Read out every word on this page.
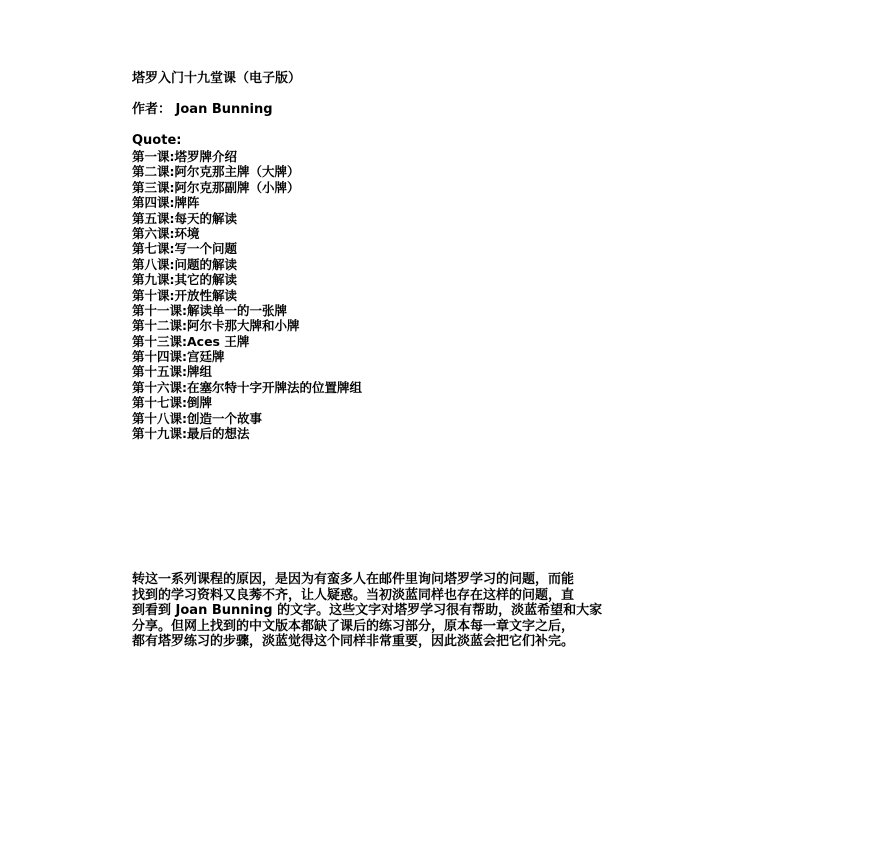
塔罗入门十九堂课（电子版）
作者： Joan Bunning
Quote:
第一课:塔罗牌介绍
第二课:阿尔克那主牌（大牌）
第三课:阿尔克那副牌（小牌）
第四课:牌阵
第五课:每天的解读
第六课:环境
第七课:写一个问题
第八课:问题的解读
第九课:其它的解读
第十课:开放性解读
第十一课:解读单一的一张牌
第十二课:阿尔卡那大牌和小牌
第十三课:Aces 王牌
第十四课:宫廷牌
第十五课:牌组
第十六课:在塞尔特十字开牌法的位置牌组
第十七课:倒牌
第十八课:创造一个故事
第十九课:最后的想法

转这一系列课程的原因，是因为有蛮多人在邮件里询问塔罗学习的问题，而能
找到的学习资料又良莠不齐，让人疑惑。当初淡蓝同样也存在这样的问题，直
到看到 Joan Bunning 的文字。这些文字对塔罗学习很有帮助，淡蓝希望和大家
分享。但网上找到的中文版本都缺了课后的练习部分，原本每一章文字之后，
都有塔罗练习的步骤，淡蓝觉得这个同样非常重要，因此淡蓝会把它们补完。
